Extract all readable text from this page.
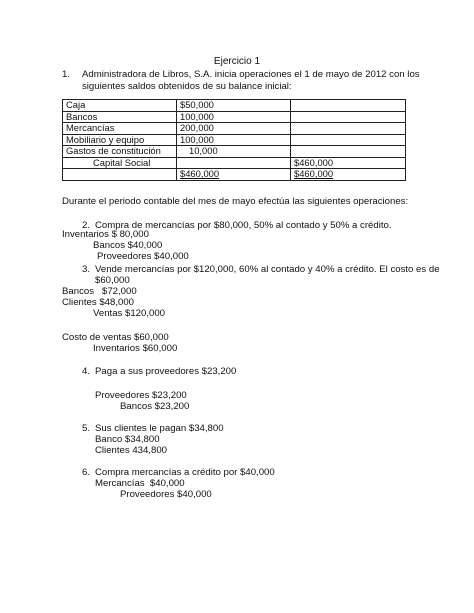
Ejercicio 1
1. Administradora de Libros, S.A. inicia operaciones el 1 de mayo de 2012 con los
siguientes saldos obtenidos de su balance inicial:
Caja	$50,000	
Bancos	100,000	
Mercancías	200,000	
Mobiliario y equipo	100,000	
Gastos de constitución	10,000	
Capital Social		$460,000
	$460,000	$460,000
Durante el periodo contable del mes de mayo efectúa las siguientes operaciones:
2. Compra de mercancías por $80,000, 50% al contado y 50% a crédito.
Inventarios $ 80,000
Bancos $40,000
Proveedores $40,000
3. Vende mercancías por $120,000, 60% al contado y 40% a crédito. El costo es de
$60,000
Bancos   $72,000
Clientes $48,000
Ventas $120,000
Costo de ventas $60,000
Inventarios $60,000
4. Paga a sus proveedores $23,200
Proveedores $23,200
Bancos $23,200
5. Sus clientes le pagan $34,800
Banco $34,800
Clientes 434,800
6. Compra mercancías a crédito por $40,000
Mercancías  $40,000
Proveedores $40,000
